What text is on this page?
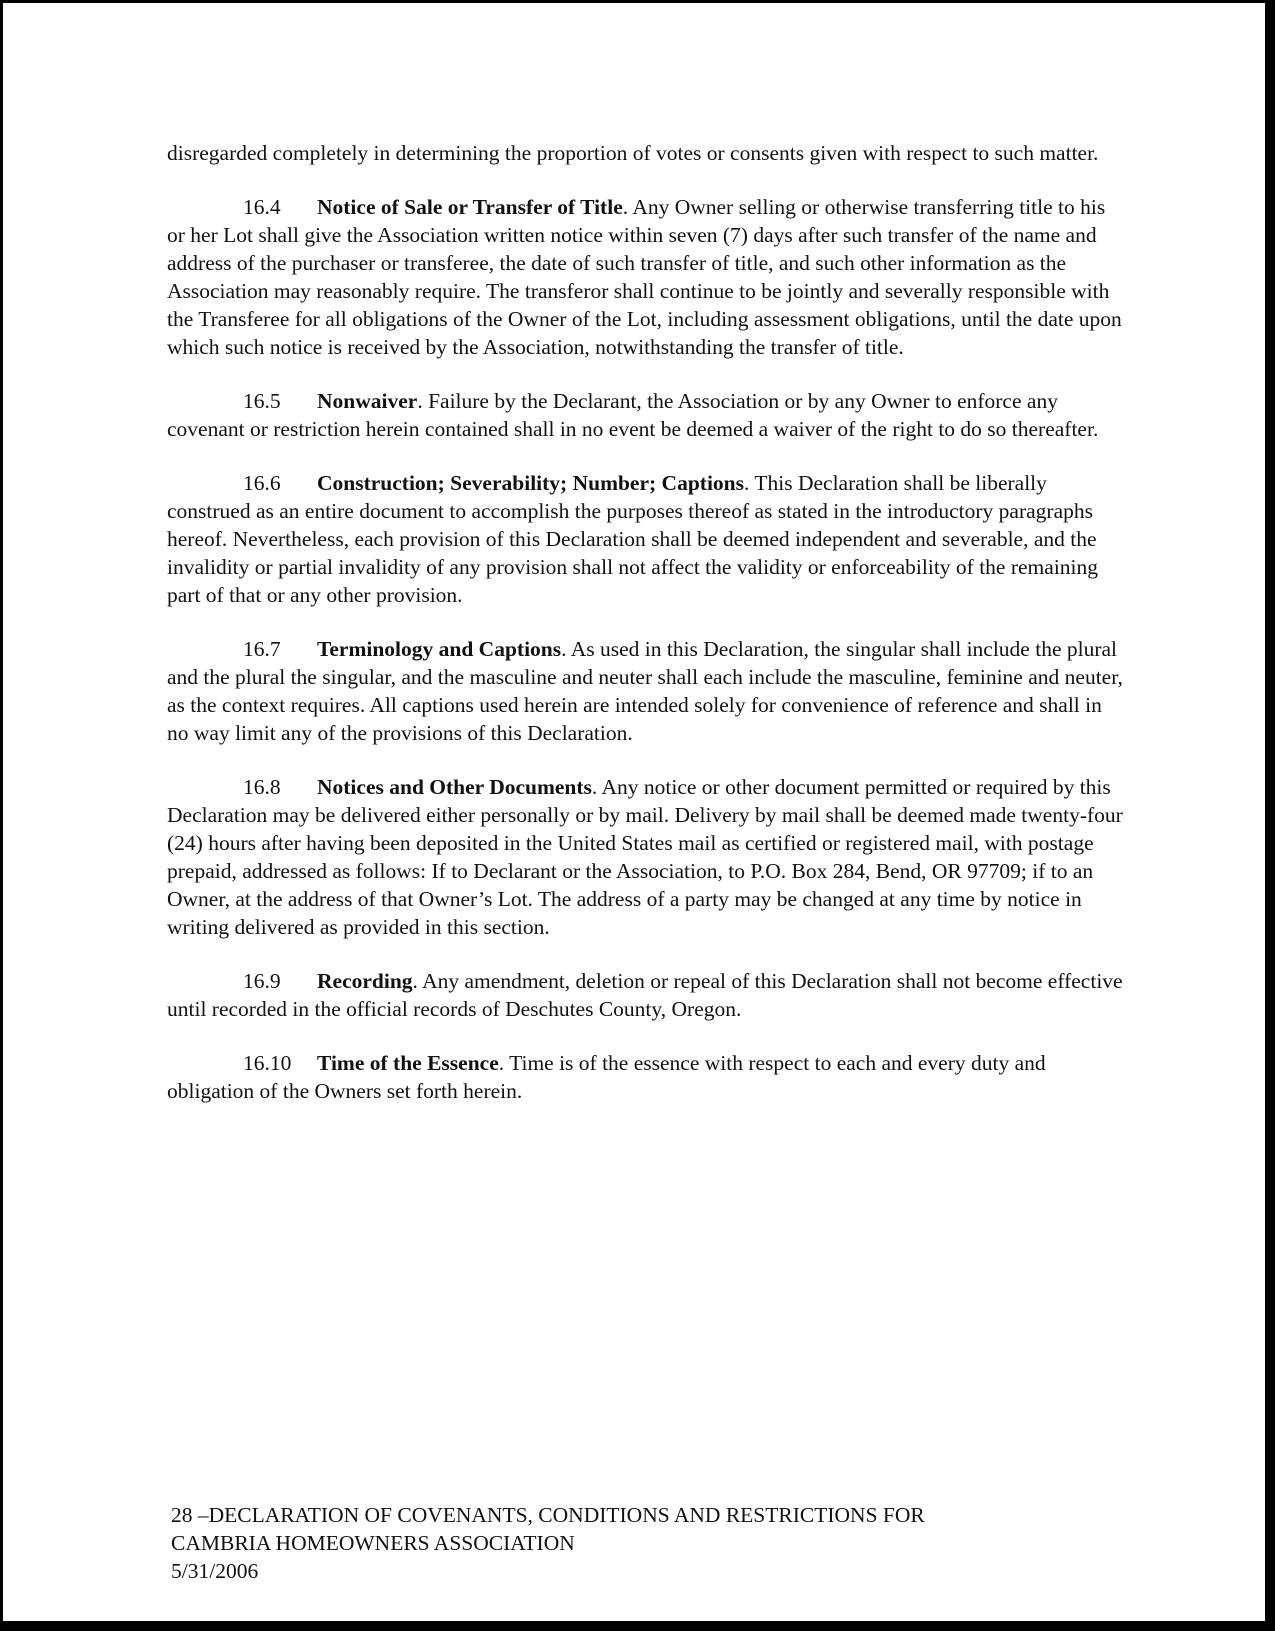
disregarded completely in determining the proportion of votes or consents given with respect to such matter.

16.4 Notice of Sale or Transfer of Title. Any Owner selling or otherwise transferring title to his or her Lot shall give the Association written notice within seven (7) days after such transfer of the name and address of the purchaser or transferee, the date of such transfer of title, and such other information as the Association may reasonably require. The transferor shall continue to be jointly and severally responsible with the Transferee for all obligations of the Owner of the Lot, including assessment obligations, until the date upon which such notice is received by the Association, notwithstanding the transfer of title.

16.5 Nonwaiver. Failure by the Declarant, the Association or by any Owner to enforce any covenant or restriction herein contained shall in no event be deemed a waiver of the right to do so thereafter.

16.6 Construction; Severability; Number; Captions. This Declaration shall be liberally construed as an entire document to accomplish the purposes thereof as stated in the introductory paragraphs hereof. Nevertheless, each provision of this Declaration shall be deemed independent and severable, and the invalidity or partial invalidity of any provision shall not affect the validity or enforceability of the remaining part of that or any other provision.

16.7 Terminology and Captions. As used in this Declaration, the singular shall include the plural and the plural the singular, and the masculine and neuter shall each include the masculine, feminine and neuter, as the context requires. All captions used herein are intended solely for convenience of reference and shall in no way limit any of the provisions of this Declaration.

16.8 Notices and Other Documents. Any notice or other document permitted or required by this Declaration may be delivered either personally or by mail. Delivery by mail shall be deemed made twenty-four (24) hours after having been deposited in the United States mail as certified or registered mail, with postage prepaid, addressed as follows: If to Declarant or the Association, to P.O. Box 284, Bend, OR 97709; if to an Owner, at the address of that Owner’s Lot. The address of a party may be changed at any time by notice in writing delivered as provided in this section.

16.9 Recording. Any amendment, deletion or repeal of this Declaration shall not become effective until recorded in the official records of Deschutes County, Oregon.

16.10 Time of the Essence. Time is of the essence with respect to each and every duty and obligation of the Owners set forth herein.

28 –DECLARATION OF COVENANTS, CONDITIONS AND RESTRICTIONS FOR
CAMBRIA HOMEOWNERS ASSOCIATION
5/31/2006
